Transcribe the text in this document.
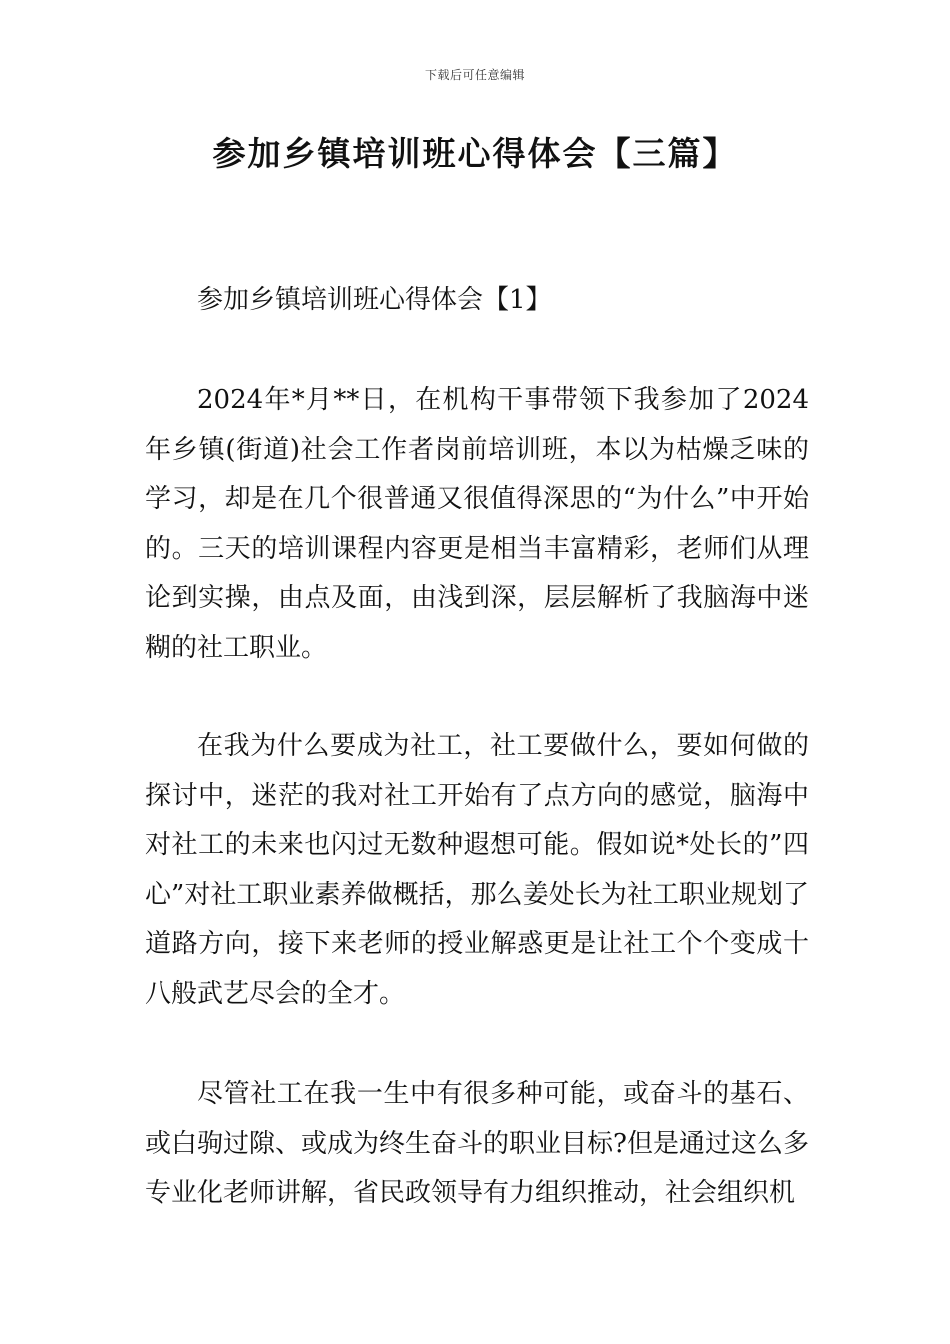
下载后可任意编辑
参加乡镇培训班心得体会【三篇】
参加乡镇培训班心得体会【1】

2024年*月**日，在机构干事带领下我参加了2024年乡镇(街道)社会工作者岗前培训班，本以为枯燥乏味的学习，却是在几个很普通又很值得深思的“为什么”中开始的。三天的培训课程内容更是相当丰富精彩，老师们从理论到实操，由点及面，由浅到深，层层解析了我脑海中迷糊的社工职业。

在我为什么要成为社工，社工要做什么，要如何做的探讨中，迷茫的我对社工开始有了点方向的感觉，脑海中对社工的未来也闪过无数种遐想可能。假如说*处长的”四心”对社工职业素养做概括，那么姜处长为社工职业规划了道路方向，接下来老师的授业解惑更是让社工个个变成十八般武艺尽会的全才。

尽管社工在我一生中有很多种可能，或奋斗的基石、或白驹过隙、或成为终生奋斗的职业目标?但是通过这么多专业化老师讲解，省民政领导有力组织推动，社会组织机
